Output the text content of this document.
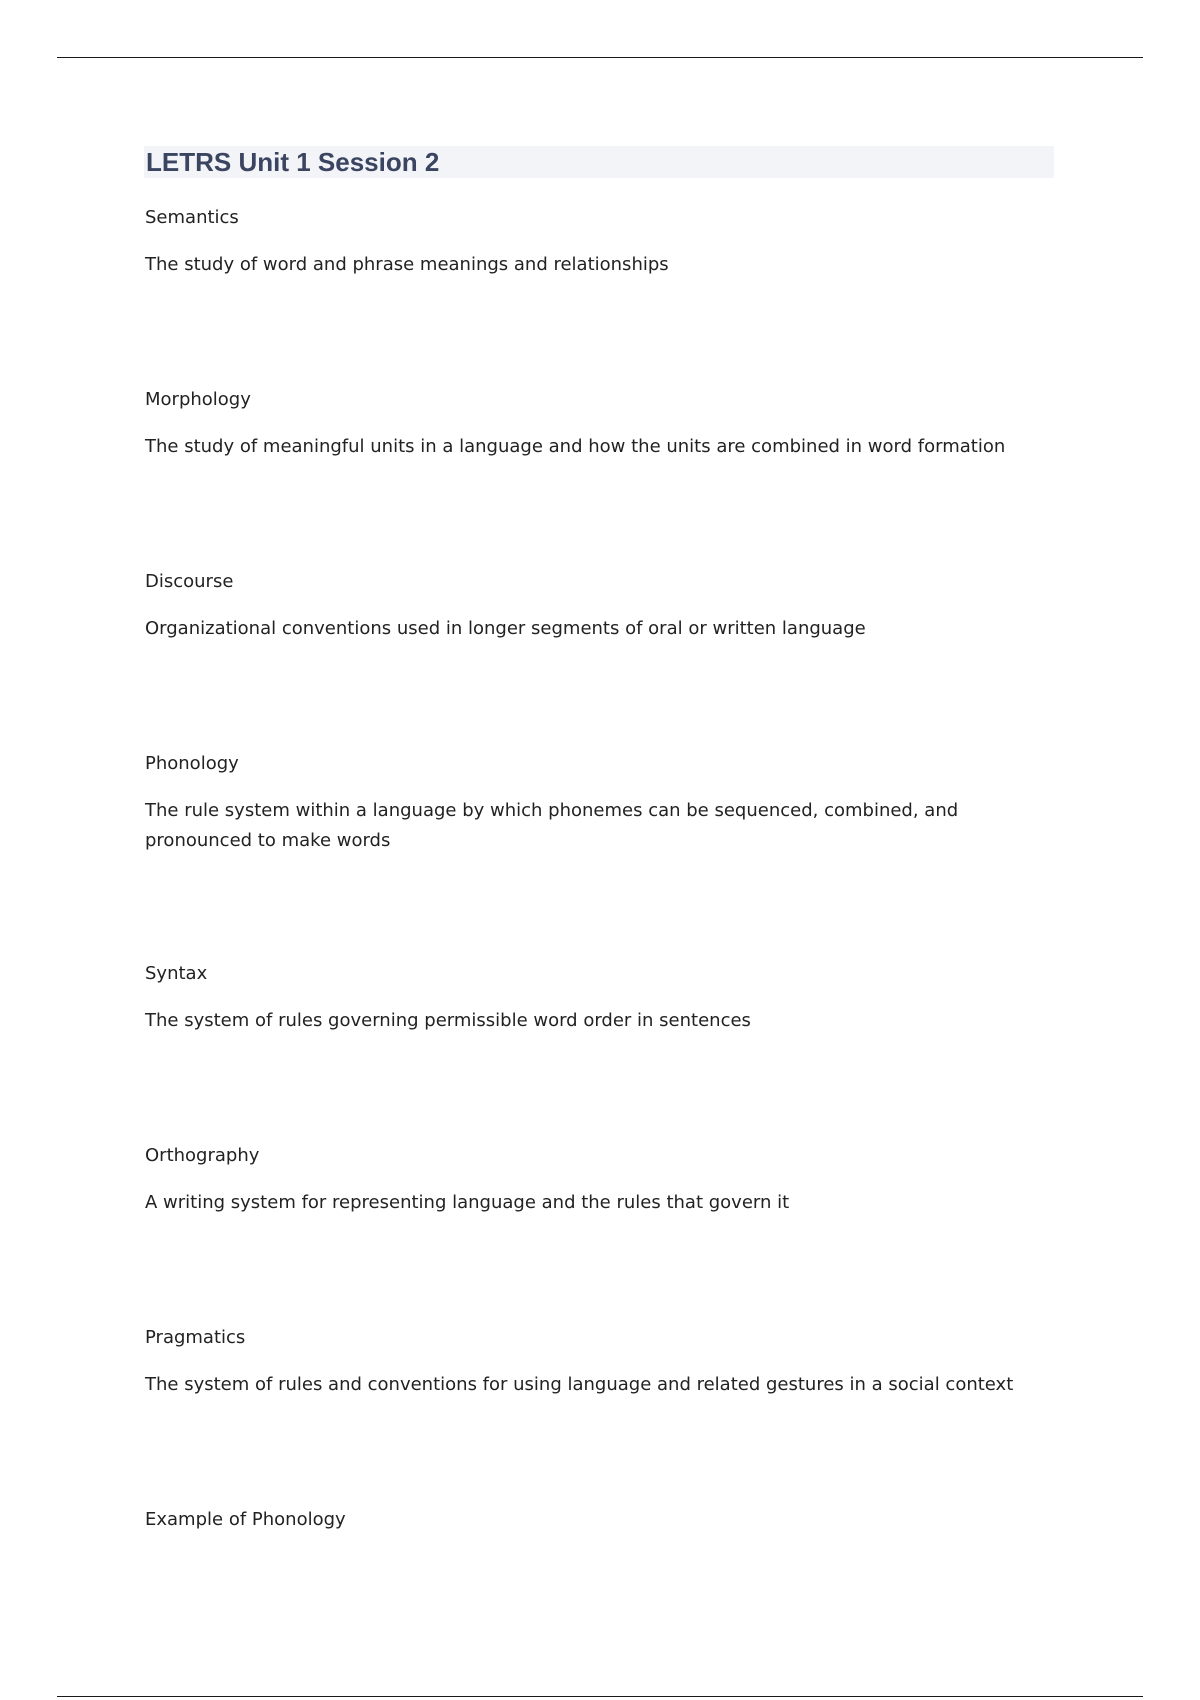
LETRS Unit 1 Session 2

Semantics

The study of word and phrase meanings and relationships

Morphology

The study of meaningful units in a language and how the units are combined in word formation

Discourse

Organizational conventions used in longer segments of oral or written language

Phonology

The rule system within a language by which phonemes can be sequenced, combined, and pronounced to make words

Syntax

The system of rules governing permissible word order in sentences

Orthography

A writing system for representing language and the rules that govern it

Pragmatics

The system of rules and conventions for using language and related gestures in a social context

Example of Phonology
